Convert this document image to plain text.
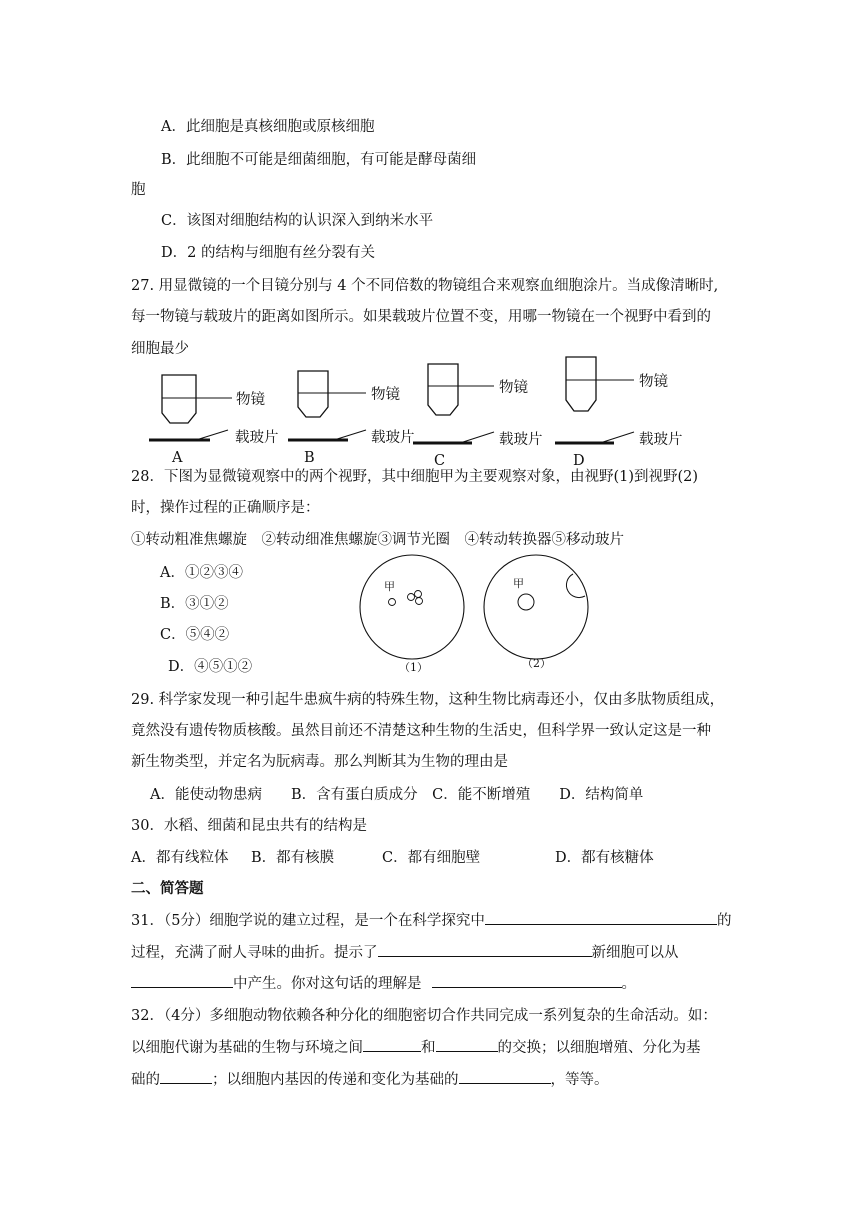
A．此细胞是真核细胞或原核细胞
B．此细胞不可能是细菌细胞，有可能是酵母菌细
胞
C．该图对细胞结构的认识深入到纳米水平
D．2 的结构与细胞有丝分裂有关
27. 用显微镜的一个目镜分别与 4 个不同倍数的物镜组合来观察血细胞涂片。当成像清晰时,
每一物镜与载玻片的距离如图所示。如果载玻片位置不变，用哪一物镜在一个视野中看到的
细胞最少
物镜
载玻片
A
物镜
载玻片
B
物镜
载玻片
C
物镜
载玻片
D
28．下图为显微镜观察中的两个视野，其中细胞甲为主要观察对象，由视野(1)到视野(2)
时，操作过程的正确顺序是：
①转动粗准焦螺旋　②转动细准焦螺旋③调节光圈　④转动转换器⑤移动玻片
A．①②③④
B．③①②
C．⑤④②
D．④⑤①②
甲
（1）
甲
（2）
29. 科学家发现一种引起牛患疯牛病的特殊生物，这种生物比病毒还小，仅由多肽物质组成，
竟然没有遗传物质核酸。虽然目前还不清楚这种生物的生活史，但科学界一致认定这是一种
新生物类型，并定名为朊病毒。那么判断其为生物的理由是
A．能使动物患病　　B．含有蛋白质成分　C．能不断增殖　　D．结构简单
30．水稻、细菌和昆虫共有的结构是
A．都有线粒体 B．都有核膜	C．都有细胞壁	D．都有核糖体
二、简答题
31．（5分）细胞学说的建立过程，是一个在科学探究中	的
过程，充满了耐人寻味的曲折。提示了	新细胞可以从
中产生。你对这句话的理解是	。
32．（4分）多细胞动物依赖各种分化的细胞密切合作共同完成一系列复杂的生命活动。如：
以细胞代谢为基础的生物与环境之间	和	的交换；以细胞增殖、分化为基
础的	；以细胞内基因的传递和变化为基础的	，等等。
